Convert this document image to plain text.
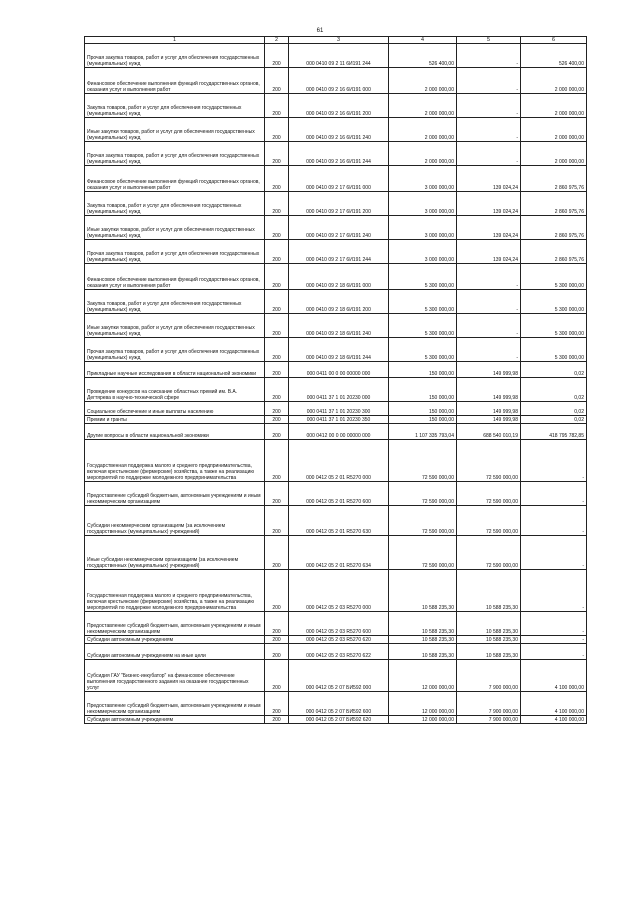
61
1	2	3	4	5	6
Прочая закупка товаров, работ и услуг для обеспечения государственных (муниципальных) нужд	200	000 0410 09 2 11 6И191 244	526 400,00	-	526 400,00
Финансовое обеспечение выполнения функций государственных органов, оказания услуг и выполнения работ	200	000 0410 09 2 16 6И191 000	2 000 000,00	-	2 000 000,00
Закупка товаров, работ и услуг для обеспечения государственных (муниципальных) нужд	200	000 0410 09 2 16 6И191 200	2 000 000,00	-	2 000 000,00
Иные закупки товаров, работ и услуг для обеспечения государственных (муниципальных) нужд	200	000 0410 09 2 16 6И191 240	2 000 000,00	-	2 000 000,00
Прочая закупка товаров, работ и услуг для обеспечения государственных (муниципальных) нужд	200	000 0410 09 2 16 6И191 244	2 000 000,00	-	2 000 000,00
Финансовое обеспечение выполнения функций государственных органов, оказания услуг и выполнения работ	200	000 0410 09 2 17 6И191 000	3 000 000,00	139 024,24	2 860 975,76
Закупка товаров, работ и услуг для обеспечения государственных (муниципальных) нужд	200	000 0410 09 2 17 6И191 200	3 000 000,00	139 024,24	2 860 975,76
Иные закупки товаров, работ и услуг для обеспечения государственных (муниципальных) нужд	200	000 0410 09 2 17 6И191 240	3 000 000,00	139 024,24	2 860 975,76
Прочая закупка товаров, работ и услуг для обеспечения государственных (муниципальных) нужд	200	000 0410 09 2 17 6И191 244	3 000 000,00	139 024,24	2 860 975,76
Финансовое обеспечение выполнения функций государственных органов, оказания услуг и выполнения работ	200	000 0410 09 2 18 6И191 000	5 300 000,00	-	5 300 000,00
Закупка товаров, работ и услуг для обеспечения государственных (муниципальных) нужд	200	000 0410 09 2 18 6И191 200	5 300 000,00	-	5 300 000,00
Иные закупки товаров, работ и услуг для обеспечения государственных (муниципальных) нужд	200	000 0410 09 2 18 6И191 240	5 300 000,00	-	5 300 000,00
Прочая закупка товаров, работ и услуг для обеспечения государственных (муниципальных) нужд	200	000 0410 09 2 18 6И191 244	5 300 000,00	-	5 300 000,00
Прикладные научные исследования в области национальной экономики	200	000 0411 00 0 00 00000 000	150 000,00	149 999,98	0,02
Проведение конкурсов на соискание областных премий им. В.А. Дегтярева в научно-технической сфере	200	000 0411 37 1 01 20230 000	150 000,00	149 999,98	0,02
Социальное обеспечение и иные выплаты населению	200	000 0411 37 1 01 20230 300	150 000,00	149 999,98	0,02
Премии и гранты	200	000 0411 37 1 01 20230 350	150 000,00	149 999,98	0,02
Другие вопросы в области национальной экономики	200	000 0412 00 0 00 00000 000	1 107 335 793,04	688 540 010,19	418 795 782,85
Государственная поддержка малого и среднего предпринимательства, включая крестьянские (фермерские) хозяйства, а также на реализацию мероприятий по поддержке молодежного предпринимательства	200	000 0412 05 2 01 R5270 000	72 590 000,00	72 590 000,00	-
Предоставление субсидий бюджетным, автономным учреждениям и иным некоммерческим организациям	200	000 0412 05 2 01 R5270 600	72 590 000,00	72 590 000,00	-
Субсидии некоммерческим организациям (за исключением государственных (муниципальных) учреждений)	200	000 0412 05 2 01 R5270 630	72 590 000,00	72 590 000,00	-
Иные субсидии некоммерческим организациям (за исключением государственных (муниципальных) учреждений)	200	000 0412 05 2 01 R5270 634	72 590 000,00	72 590 000,00	-
Государственная поддержка малого и среднего предпринимательства, включая крестьянские (фермерские) хозяйства, а также на реализацию мероприятий по поддержке молодежного предпринимательства	200	000 0412 05 2 03 R5270 000	10 588 235,30	10 588 235,30	-
Предоставление субсидий бюджетным, автономным учреждениям и иным некоммерческим организациям	200	000 0412 05 2 03 R5270 600	10 588 235,30	10 588 235,30	-
Субсидии автономным учреждениям	200	000 0412 05 2 03 R5270 620	10 588 235,30	10 588 235,30	-
Субсидии автономным учреждениям на иные цели	200	000 0412 05 2 03 R5270 622	10 588 235,30	10 588 235,30	-
Субсидия ГАУ "Бизнес-инкубатор" на финансовое обеспечение выполнения государственного задания на оказание государственных услуг	200	000 0412 05 2 07 БИ592 000	12 000 000,00	7 900 000,00	4 100 000,00
Предоставление субсидий бюджетным, автономным учреждениям и иным некоммерческим организациям	200	000 0412 05 2 07 БИ592 600	12 000 000,00	7 900 000,00	4 100 000,00
Субсидии автономным учреждениям	200	000 0412 05 2 07 БИ592 620	12 000 000,00	7 900 000,00	4 100 000,00
